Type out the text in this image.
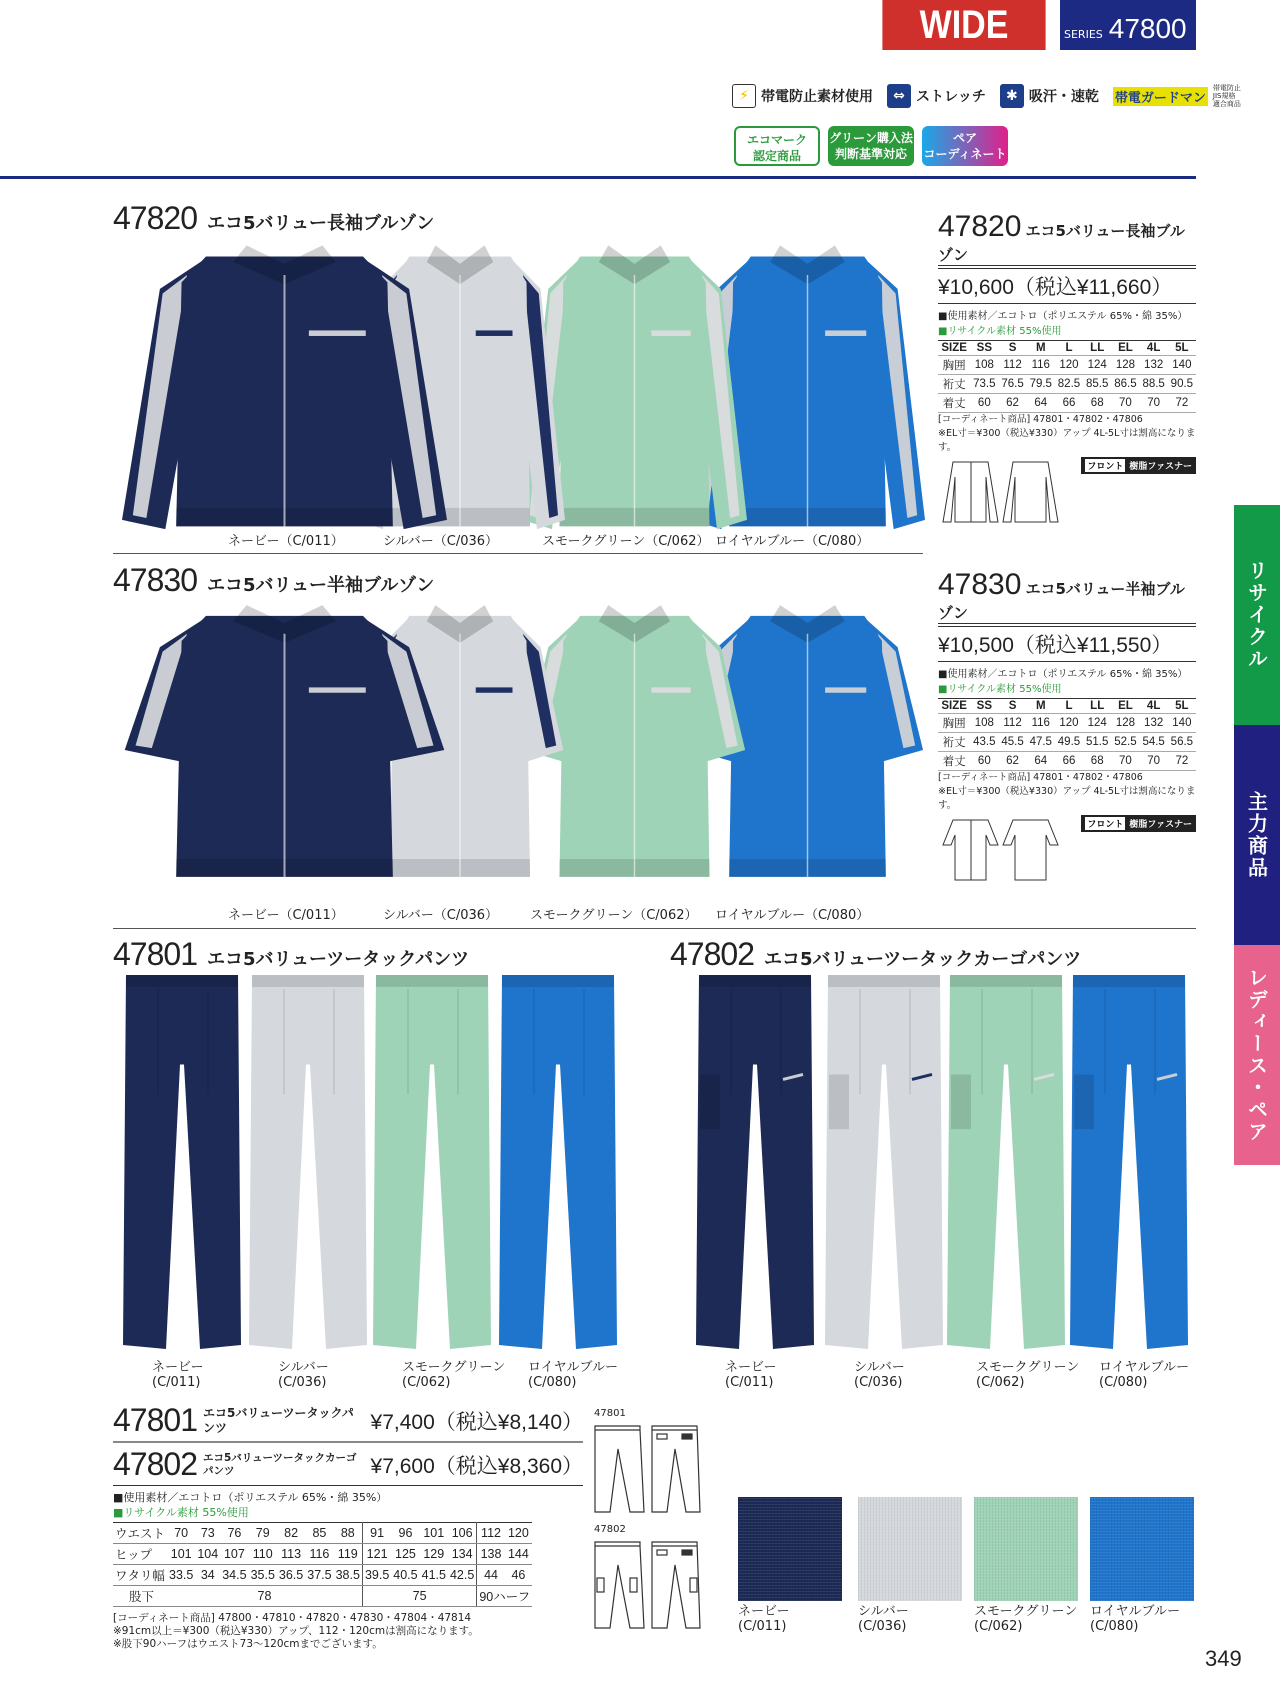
WIDE	SERIES 47800
⚡ 帯電防止素材使用	⇔ ストレッチ	✱ 吸汗・速乾 帯電ガードマン
帯電防止 JIS規格 適合商品
エコマーク
認定商品
グリーン購入法
判断基準対応
ペア
コーディネート
47820 エコ5バリュー長袖ブルゾン
47830 エコ5バリュー半袖ブルゾン
ネービー（C/011）	シルバー（C/036）	スモークグリーン（C/062） ロイヤルブルー（C/080）
ネービー（C/011）	シルバー（C/036） スモークグリーン（C/062） ロイヤルブルー（C/080）
47820 エコ5バリュー長袖ブルゾン
¥10,600（税込¥11,660）
■使用素材／エコトロ（ポリエステル 65%・綿 35%）
■リサイクル素材 55%使用
SIZE	SS	S	M	L	LL	EL	4L	5L
胸囲	108	112	116	120	124	128	132	140
裄丈	73.5	76.5	79.5	82.5	85.5	86.5	88.5	90.5
着丈	60	62	64	66	68	70	70	72
[コーディネート商品] 47801・47802・47806
※EL寸＝¥300（税込¥330）アップ 4L-5L寸は割高になります。
フロント 樹脂ファスナー
47830 エコ5バリュー半袖ブルゾン
¥10,500（税込¥11,550）
■使用素材／エコトロ（ポリエステル 65%・綿 35%）
■リサイクル素材 55%使用
SIZE	SS	S	M	L	LL	EL	4L	5L
胸囲	108	112	116	120	124	128	132	140
裄丈	43.5	45.5	47.5	49.5	51.5	52.5	54.5	56.5
着丈	60	62	64	66	68	70	70	72
[コーディネート商品] 47801・47802・47806
※EL寸＝¥300（税込¥330）アップ 4L-5L寸は割高になります。
フロント 樹脂ファスナー
47801 エコ5バリューツータックパンツ	47802 エコ5バリューツータックカーゴパンツ
ネービー
(C/011)
シルバー
(C/036)
スモークグリーン
(C/062)
ロイヤルブルー
(C/080)
ネービー
(C/011)
シルバー
(C/036)
スモークグリーン
(C/062)
ロイヤルブルー
(C/080)
47801 エコ5バリューツータックパンツ	¥7,400（税込¥8,140）
47802 エコ5バリューツータックカーゴパンツ	¥7,600（税込¥8,360）
■使用素材／エコトロ（ポリエステル 65%・綿 35%）
■リサイクル素材 55%使用
ウエスト	70	73	76	79	82	85	88	91	96	101	106	112	120
ヒップ	101	104	107	110	113	116	119	121	125	129	134	138	144
ワタリ幅	33.5	34	34.5	35.5	36.5	37.5	38.5	39.5	40.5	41.5	42.5	44	46
股下	78							75				90ハーフ	
[コーディネート商品] 47800・47810・47820・47830・47804・47814
※91cm以上＝¥300（税込¥330）アップ、112・120cmは割高になります。
※股下90ハーフはウエスト73〜120cmまでございます。
47801
47802
ネービー
(C/011)
シルバー
(C/036)
スモークグリーン
(C/062)
ロイヤルブルー
(C/080)
リサイクル
主力商品
レディース・ペア
349
